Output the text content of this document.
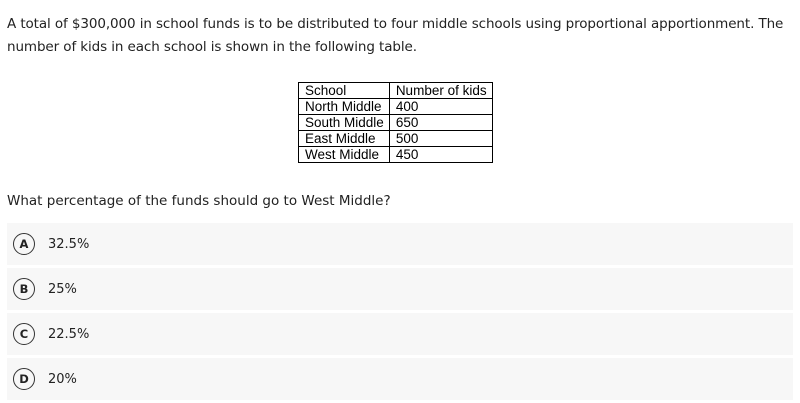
A total of $300,000 in school funds is to be distributed to four middle schools using proportional apportionment. The number of kids in each school is shown in the following table.
School	Number of kids
North Middle	400
South Middle	650
East Middle	500
West Middle	450
What percentage of the funds should go to West Middle?
A	32.5%
B	25%
C	22.5%
D	20%
